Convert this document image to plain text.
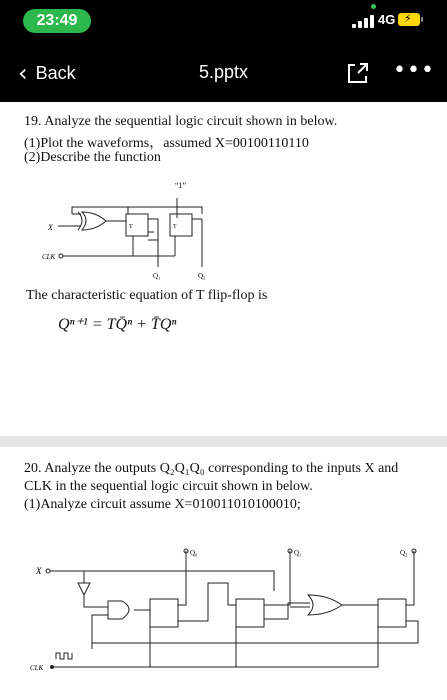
23:49	4G ⚡
‹ Back	5.pptx	•••
19. Analyze the sequential logic circuit shown in below.
(1)Plot the waveforms，assumed X=00100110110
(2)Describe the function
“1”
X
CLK
Q₁	Q₂
T	T
The characteristic equation of T flip-flop is
Qⁿ⁺¹ = TQ̄ⁿ + T̄Qⁿ
20. Analyze the outputs Q₂Q₁Q₀ corresponding to the inputs X and
CLK in the sequential logic circuit shown in below.
(1)Analyze circuit assume X=010011010100010;
Q₀	Q₁	Q₂
X
CLK
